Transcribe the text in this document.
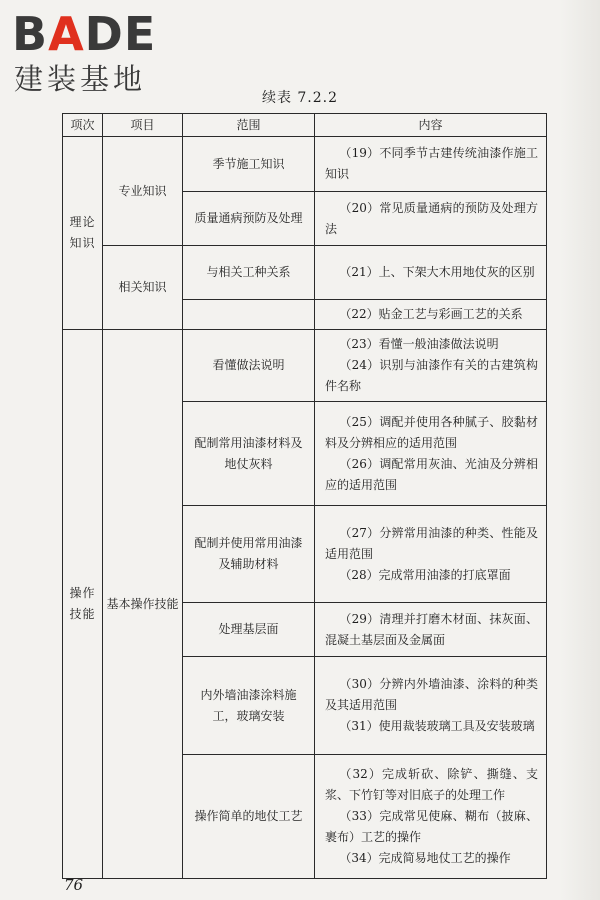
BADE
建装基地
续表 7.2.2
项次	项目	范围	内容

理论
知识	专业知识	季节施工知识	（19）不同季节古建传统油漆作施工知识

		质量通病预防及处理	（20）常见质量通病的预防及处理方法

	相关知识	与相关工种关系	（21）上、下架大木用地仗灰的区别

			（22）贴金工艺与彩画工艺的关系

操作
技能	基本操作技能	看懂做法说明	（23）看懂一般油漆做法说明
（24）识别与油漆作有关的古建筑构件名称

		配制常用油漆材料及地仗灰料	（25）调配并使用各种腻子、胶黏材料及分辨相应的适用范围
（26）调配常用灰油、光油及分辨相应的适用范围

		配制并使用常用油漆及辅助材料	（27）分辨常用油漆的种类、性能及适用范围
（28）完成常用油漆的打底罩面

		处理基层面	（29）清理并打磨木材面、抹灰面、混凝土基层面及金属面

		内外墙油漆涂料施工，玻璃安装	（30）分辨内外墙油漆、涂料的种类及其适用范围
（31）使用裁装玻璃工具及安装玻璃

		操作简单的地仗工艺	（32）完成斩砍、除铲、撕缝、支浆、下竹钉等对旧底子的处理工作
（33）完成常见使麻、糊布（披麻、裹布）工艺的操作
（34）完成简易地仗工艺的操作
76
